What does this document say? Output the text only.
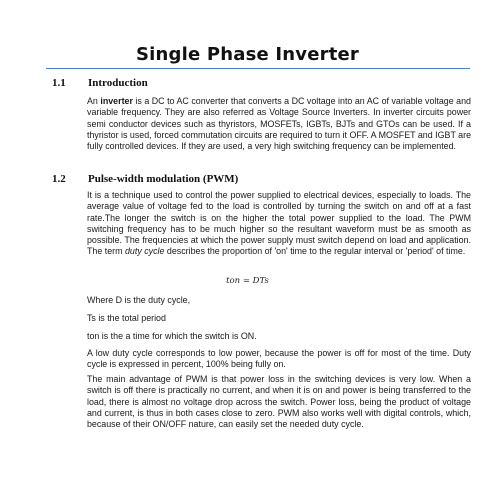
Single Phase Inverter
1.1 Introduction
An inverter is a DC to AC converter that converts a DC voltage into an AC of variable voltage and variable frequency. They are also referred as Voltage Source Inverters. In inverter circuits power semi conductor devices such as thyristors, MOSFETs, IGBTs, BJTs and GTOs can be used. If a thyristor is used, forced commutation circuits are required to turn it OFF. A MOSFET and IGBT are fully controlled devices. If they are used, a very high switching frequency can be implemented.
1.2 Pulse-width modulation (PWM)
It is a technique used to control the power supplied to electrical devices, especially to loads. The average value of voltage fed to the load is controlled by turning the switch on and off at a fast rate.The longer the switch is on the higher the total power supplied to the load. The PWM switching frequency has to be much higher so the resultant waveform must be as smooth as possible. The frequencies at which the power supply must switch depend on load and application. The term duty cycle describes the proportion of 'on' time to the regular interval or 'period' of time.
ton = DTs
Where D is the duty cycle,
Ts is the total period
ton is the a time for which the switch is ON.
A low duty cycle corresponds to low power, because the power is off for most of the time. Duty cycle is expressed in percent, 100% being fully on.
The main advantage of PWM is that power loss in the switching devices is very low. When a switch is off there is practically no current, and when it is on and power is being transferred to the load, there is almost no voltage drop across the switch. Power loss, being the product of voltage and current, is thus in both cases close to zero. PWM also works well with digital controls, which, because of their ON/OFF nature, can easily set the needed duty cycle.
